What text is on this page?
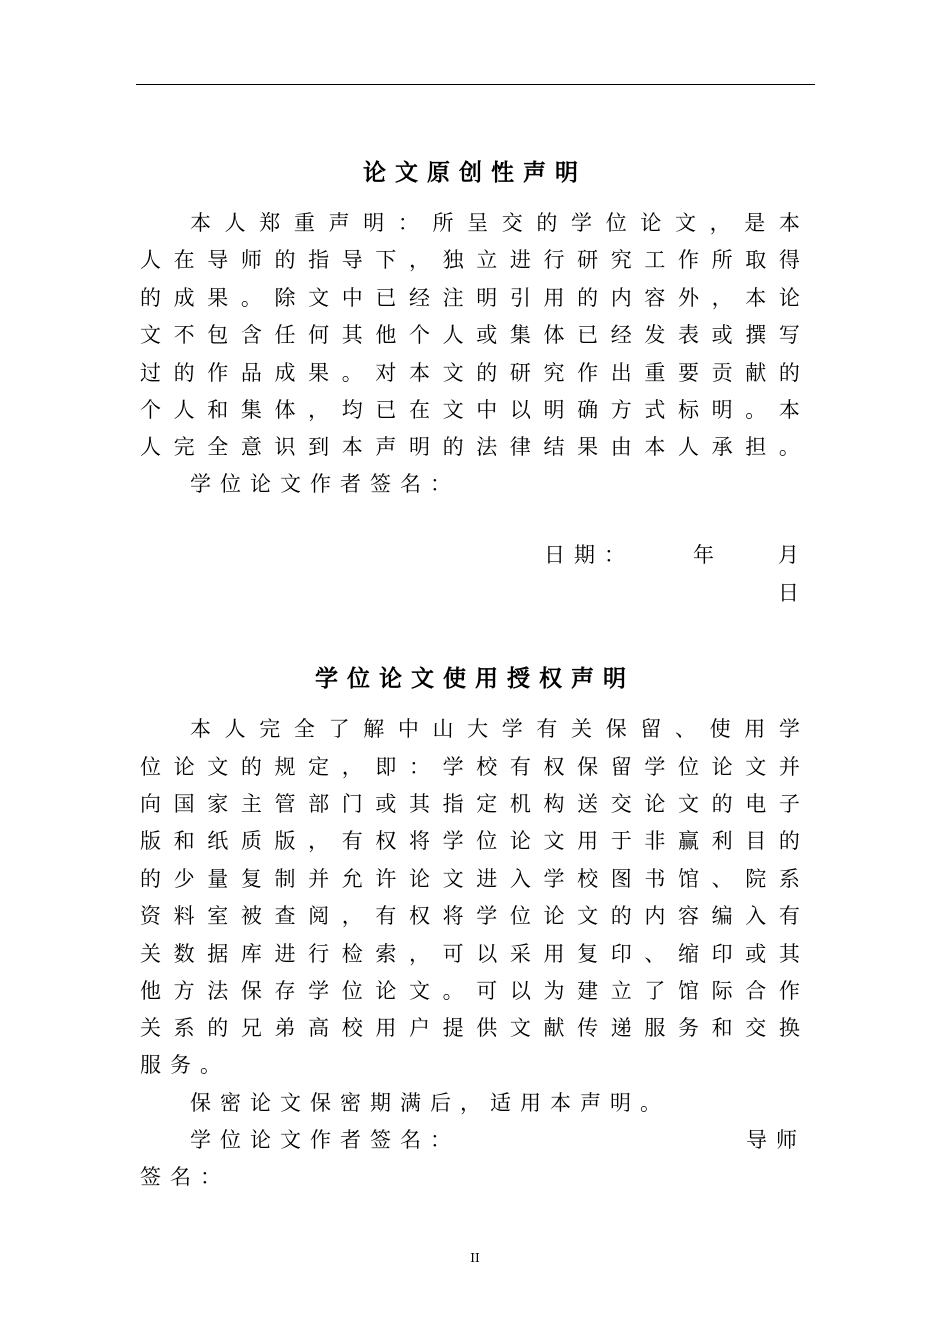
论文原创性声明
本 人 郑 重 声 明 ： 所 呈 交 的 学 位 论 文 ， 是 本
人 在 导 师 的 指 导 下 ， 独 立 进 行 研 究 工 作 所 取 得
的 成 果 。 除 文 中 已 经 注 明 引 用 的 内 容 外 ， 本 论
文 不 包 含 任 何 其 他 个 人 或 集 体 已 经 发 表 或 撰 写
过 的 作 品 成 果 。 对 本 文 的 研 究 作 出 重 要 贡 献 的
个 人 和 集 体 ， 均 已 在 文 中 以 明 确 方 式 标 明 。 本
人 完 全 意 识 到 本 声 明 的 法 律 结 果 由 本 人 承 担 。
学位论文作者签名：
日期：	年	月
日
学位论文使用授权声明
本 人 完 全 了 解 中 山 大 学 有 关 保 留 、 使 用 学
位 论 文 的 规 定 ， 即 ： 学 校 有 权 保 留 学 位 论 文 并
向 国 家 主 管 部 门 或 其 指 定 机 构 送 交 论 文 的 电 子
版 和 纸 质 版 ， 有 权 将 学 位 论 文 用 于 非 赢 利 目 的
的 少 量 复 制 并 允 许 论 文 进 入 学 校 图 书 馆 、 院 系
资 料 室 被 查 阅 ， 有 权 将 学 位 论 文 的 内 容 编 入 有
关 数 据 库 进 行 检 索 ， 可 以 采 用 复 印 、 缩 印 或 其
他 方 法 保 存 学 位 论 文 。 可 以 为 建 立 了 馆 际 合 作
关 系 的 兄 弟 高 校 用 户 提 供 文 献 传 递 服 务 和 交 换
服务。
保密论文保密期满后，适用本声明。
学位论文作者签名：	导师
签名：
II
